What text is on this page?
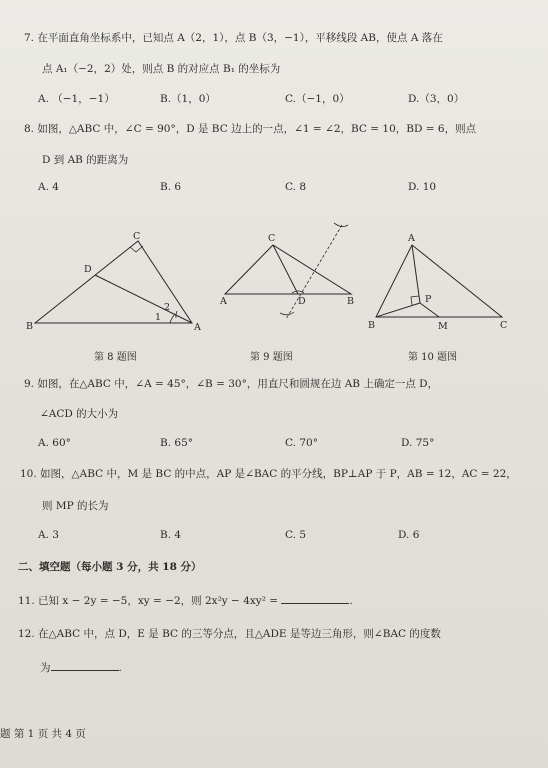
7. 在平面直角坐标系中，已知点 A（2，1），点 B（3，−1），平移线段 AB，使点 A 落在
点 A₁（−2，2）处，则点 B 的对应点 B₁ 的坐标为
A. （−1，−1）	B.（1，0）	C.（−1，0）	D.（3，0）
8. 如图，△ABC 中，∠C = 90°，D 是 BC 边上的一点，∠1 = ∠2，BC = 10，BD = 6，则点
D 到 AB 的距离为
A. 4	B. 6	C. 8	D. 10
C
D
2
1
B	A
第 8 题图
C
A	D	B
第 9 题图
A
P
B	M	C
第 10 题图
9. 如图，在△ABC 中，∠A = 45°，∠B = 30°，用直尺和圆规在边 AB 上确定一点 D，
∠ACD 的大小为
A. 60°	B. 65°	C. 70°	D. 75°
10. 如图，△ABC 中，M 是 BC 的中点，AP 是∠BAC 的平分线，BP⊥AP 于 P，AB = 12，AC = 22，
则 MP 的长为
A. 3	B. 4	C. 5	D. 6
二、填空题（每小题 3 分，共 18 分）
11. 已知 x − 2y = −5，xy = −2，则 2x²y − 4xy² =	.
12. 在△ABC 中，点 D，E 是 BC 的三等分点，且△ADE 是等边三角形，则∠BAC 的度数
为	.
题 第 1 页 共 4 页
